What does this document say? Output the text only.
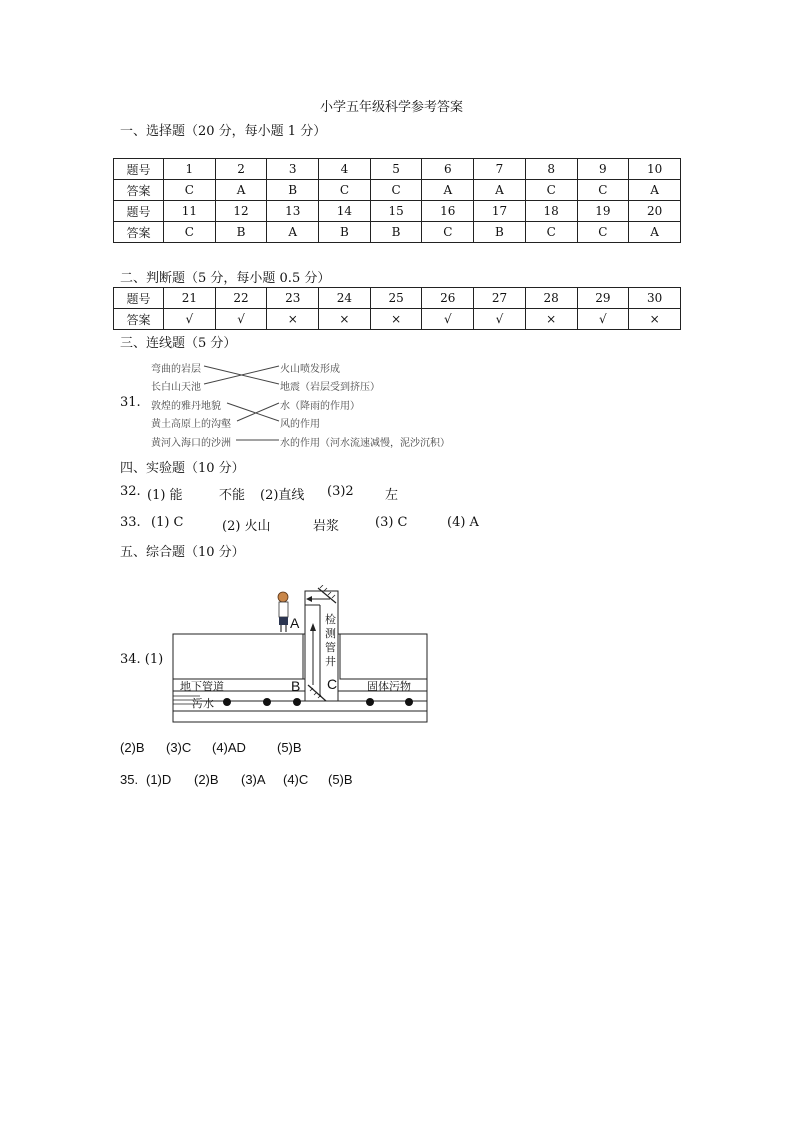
小学五年级科学参考答案
一、选择题（20 分，每小题 1 分）
题号	1	2	3	4	5	6	7	8	9	10
答案	C	A	B	C	C	A	A	C	C	A
题号	11	12	13	14	15	16	17	18	19	20
答案	C	B	A	B	B	C	B	C	C	A
二、判断题（5 分，每小题 0.5 分）
题号	21	22	23	24	25	26	27	28	29	30
答案	√	√	×	×	×	√	√	×	√	×
三、连线题（5 分）
31.
弯曲的岩层
长白山天池
敦煌的雅丹地貌
黄土高原上的沟壑
黄河入海口的沙洲
火山喷发形成
地震（岩层受到挤压）
水（降雨的作用）
风的作用
水的作用（河水流速减慢，泥沙沉积）
四、实验题（10 分）
32. (1) 能	不能 (2)直线 (3)2 左
33. (1) C	(2) 火山	岩浆	(3) C	(4) A
五、综合题（10 分）
34. (1)
A
B C
检
测
管
井
地下管道
污水
固体污物
(2)B (3)C (4)AD (5)B
35. (1)D (2)B (3)A (4)C (5)B
